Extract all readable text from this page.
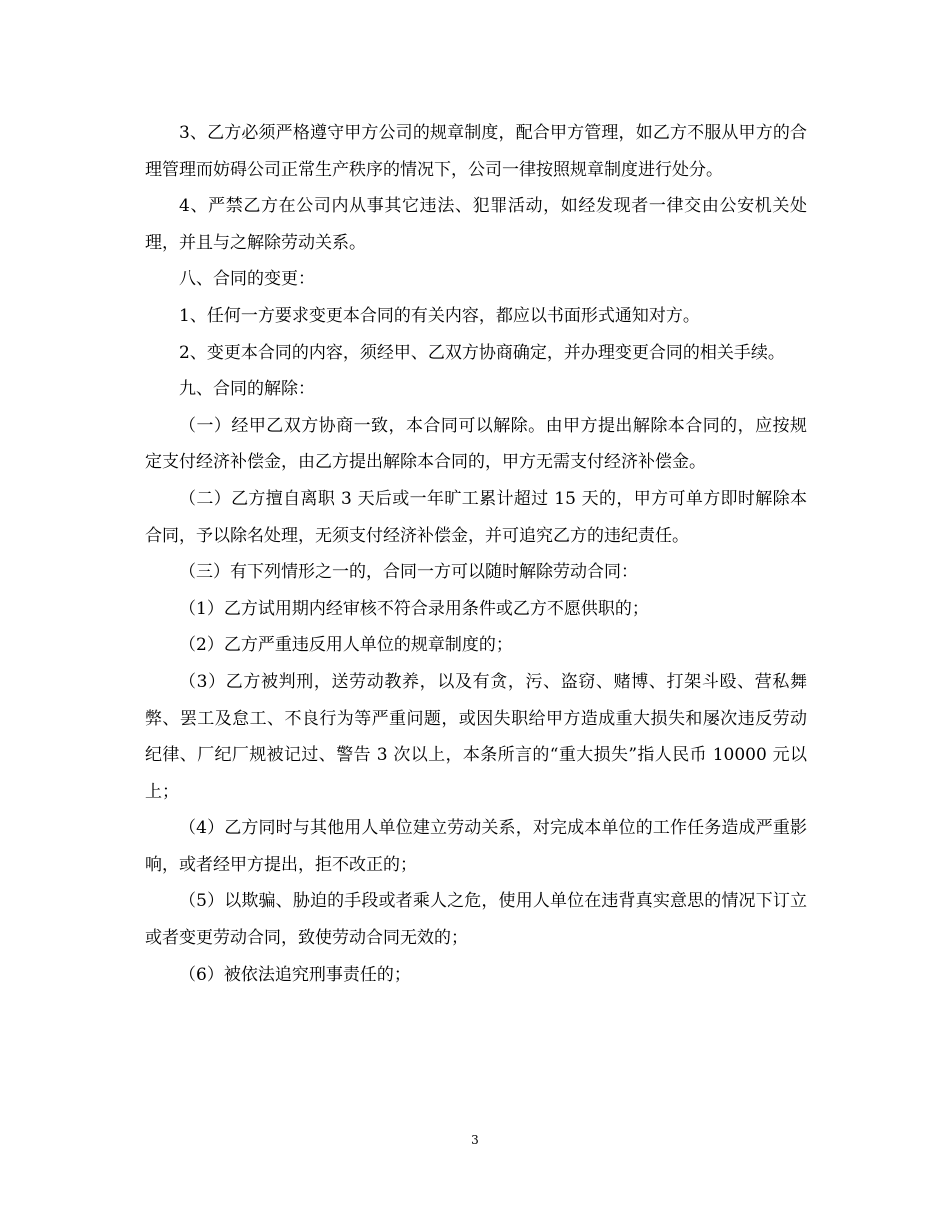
3、乙方必须严格遵守甲方公司的规章制度，配合甲方管理，如乙方不服从甲方的合理管理而妨碍公司正常生产秩序的情况下，公司一律按照规章制度进行处分。

4、严禁乙方在公司内从事其它违法、犯罪活动，如经发现者一律交由公安机关处理，并且与之解除劳动关系。

八、合同的变更：

1、任何一方要求变更本合同的有关内容，都应以书面形式通知对方。

2、变更本合同的内容，须经甲、乙双方协商确定，并办理变更合同的相关手续。

九、合同的解除：

（一）经甲乙双方协商一致，本合同可以解除。由甲方提出解除本合同的，应按规定支付经济补偿金，由乙方提出解除本合同的，甲方无需支付经济补偿金。

（二）乙方擅自离职 3 天后或一年旷工累计超过 15 天的，甲方可单方即时解除本合同，予以除名处理，无须支付经济补偿金，并可追究乙方的违纪责任。

（三）有下列情形之一的，合同一方可以随时解除劳动合同：

（1）乙方试用期内经审核不符合录用条件或乙方不愿供职的；

（2）乙方严重违反用人单位的规章制度的；

（3）乙方被判刑，送劳动教养，以及有贪，污、盗窃、赌博、打架斗殴、营私舞弊、罢工及怠工、不良行为等严重问题，或因失职给甲方造成重大损失和屡次违反劳动纪律、厂纪厂规被记过、警告 3 次以上，本条所言的“重大损失”指人民币 10000 元以上；

（4）乙方同时与其他用人单位建立劳动关系，对完成本单位的工作任务造成严重影响，或者经甲方提出，拒不改正的；

（5）以欺骗、胁迫的手段或者乘人之危，使用人单位在违背真实意思的情况下订立或者变更劳动合同，致使劳动合同无效的；

（6）被依法追究刑事责任的；

3
